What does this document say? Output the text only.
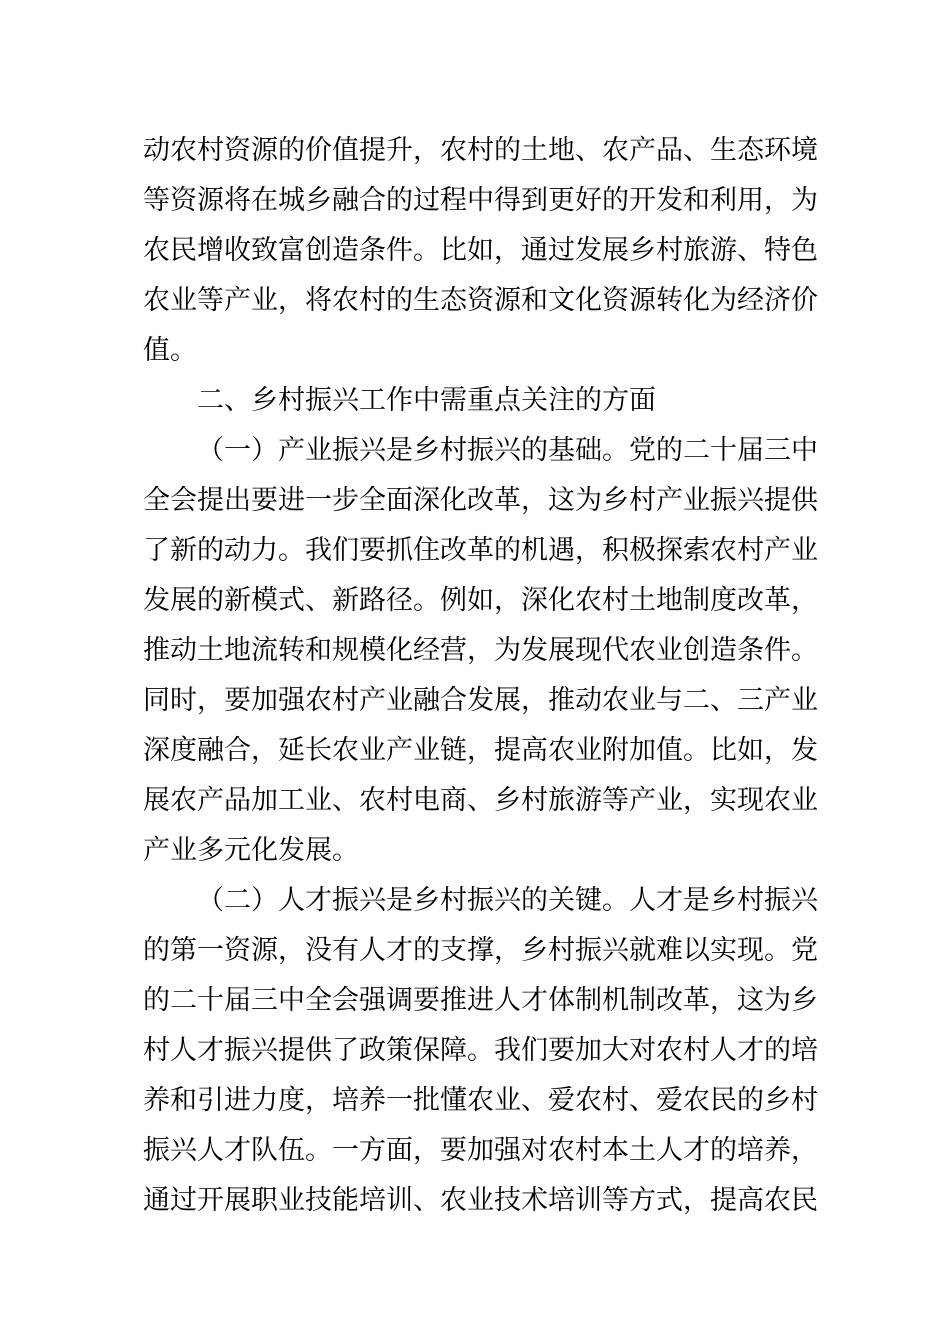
动 农 村 资 源 的 价 值 提 升 ， 农 村 的 土 地 、 农 产 品 、 生 态 环 境
等 资 源 将 在 城 乡 融 合 的 过 程 中 得 到 更 好 的 开 发 和 利 用 ， 为
农 民 增 收 致 富 创 造 条 件 。 比 如 ， 通 过 发 展 乡 村 旅 游 、 特 色
农 业 等 产 业 ， 将 农 村 的 生 态 资 源 和 文 化 资 源 转 化 为 经 济 价
值 。
二 、 乡 村 振 兴 工 作 中 需 重 点 关 注 的 方 面
（ 一 ） 产 业 振 兴 是 乡 村 振 兴 的 基 础 。 党 的 二 十 届 三 中
全 会 提 出 要 进 一 步 全 面 深 化 改 革 ， 这 为 乡 村 产 业 振 兴 提 供
了 新 的 动 力 。 我 们 要 抓 住 改 革 的 机 遇 ， 积 极 探 索 农 村 产 业
发 展 的 新 模 式 、 新 路 径 。 例 如 ， 深 化 农 村 土 地 制 度 改 革 ，
推 动 土 地 流 转 和 规 模 化 经 营 ， 为 发 展 现 代 农 业 创 造 条 件 。
同 时 ， 要 加 强 农 村 产 业 融 合 发 展 ， 推 动 农 业 与 二 、 三 产 业
深 度 融 合 ， 延 长 农 业 产 业 链 ， 提 高 农 业 附 加 值 。 比 如 ， 发
展 农 产 品 加 工 业 、 农 村 电 商 、 乡 村 旅 游 等 产 业 ， 实 现 农 业
产 业 多 元 化 发 展 。
（ 二 ） 人 才 振 兴 是 乡 村 振 兴 的 关 键 。 人 才 是 乡 村 振 兴
的 第 一 资 源 ， 没 有 人 才 的 支 撑 ， 乡 村 振 兴 就 难 以 实 现 。 党
的 二 十 届 三 中 全 会 强 调 要 推 进 人 才 体 制 机 制 改 革 ， 这 为 乡
村 人 才 振 兴 提 供 了 政 策 保 障 。 我 们 要 加 大 对 农 村 人 才 的 培
养 和 引 进 力 度 ， 培 养 一 批 懂 农 业 、 爱 农 村 、 爱 农 民 的 乡 村
振 兴 人 才 队 伍 。 一 方 面 ， 要 加 强 对 农 村 本 土 人 才 的 培 养 ，
通 过 开 展 职 业 技 能 培 训 、 农 业 技 术 培 训 等 方 式 ， 提 高 农 民
